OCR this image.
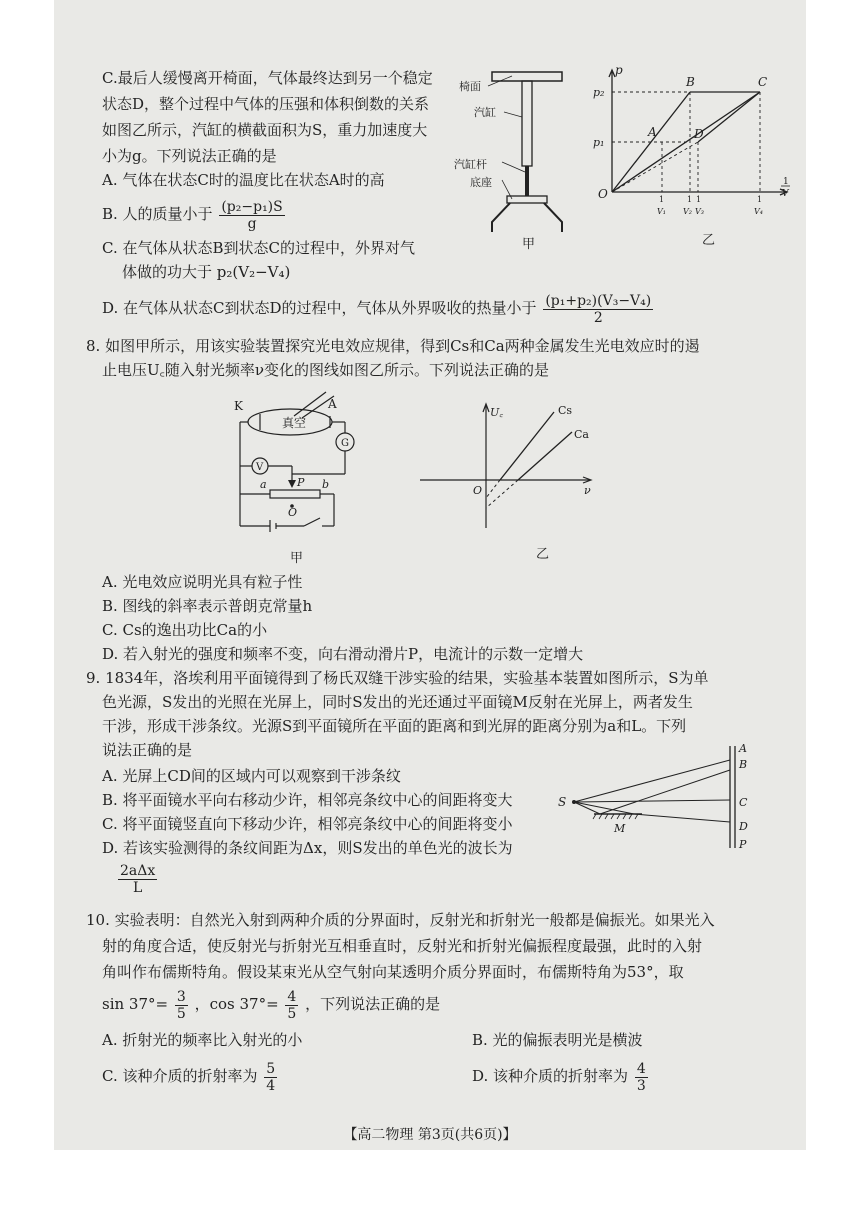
C.最后人缓慢离开椅面，气体最终达到另一个稳定
状态D，整个过程中气体的压强和体积倒数的关系
如图乙所示，汽缸的横截面积为S，重力加速度大
小为g。下列说法正确的是
A. 气体在状态C时的温度比在状态A时的高
B. 人的质量小于 $\frac{\text{(p₂−p₁)S}}{g}$
C. 在气体从状态B到状态C的过程中，外界对气
体做的功大于 p₂(V₂−V₄)
D. 在气体从状态C到状态D的过程中，气体从外界吸收的热量小于 $\frac{\text{(p₁+p₂)(V₃−V₄)}}{2}$
椅面
汽缸
汽缸杆
底座
甲
p
1
V
O
p₂
p₁
A
B	C
D
1
V₁
1
V₂
1
V₃
1
V₄
乙
8. 如图甲所示，用该实验装置探究光电效应规律，得到Cs和Ca两种金属发生光电效应时的遏
止电压U꜀随入射光频率ν变化的图线如图乙所示。下列说法正确的是
K	A
真空
G
V
P
a	b
O
甲
U꜀
ν
O
Cs
Ca
乙
A. 光电效应说明光具有粒子性
B. 图线的斜率表示普朗克常量h
C. Cs的逸出功比Ca的小
D. 若入射光的强度和频率不变，向右滑动滑片P，电流计的示数一定增大
9. 1834年，洛埃利用平面镜得到了杨氏双缝干涉实验的结果，实验基本装置如图所示，S为单
色光源，S发出的光照在光屏上，同时S发出的光还通过平面镜M反射在光屏上，两者发生
干涉，形成干涉条纹。光源S到平面镜所在平面的距离和到光屏的距离分别为a和L。下列
说法正确的是
A. 光屏上CD间的区域内可以观察到干涉条纹
B. 将平面镜水平向右移动少许，相邻亮条纹中心的间距将变大
C. 将平面镜竖直向下移动少许，相邻亮条纹中心的间距将变小
D. 若该实验测得的条纹间距为Δx，则S发出的单色光的波长为
$\frac{\text{2aΔx}}{L}$
S
M
A
B
C
D
P
10. 实验表明：自然光入射到两种介质的分界面时，反射光和折射光一般都是偏振光。如果光入
射的角度合适，使反射光与折射光互相垂直时，反射光和折射光偏振程度最强，此时的入射
角叫作布儒斯特角。假设某束光从空气射向某透明介质分界面时，布儒斯特角为53°，取
$\sin 37^\circ= \frac{3}{5}$ ，$\cos 37^\circ= \frac{4}{5}$ ，下列说法正确的是
A. 折射光的频率比入射光的小	B. 光的偏振表明光是横波
C. 该种介质的折射率为 $\frac{5}{4}$	D. 该种介质的折射率为 $\frac{4}{3}$
【高二物理 第3页(共6页)】
